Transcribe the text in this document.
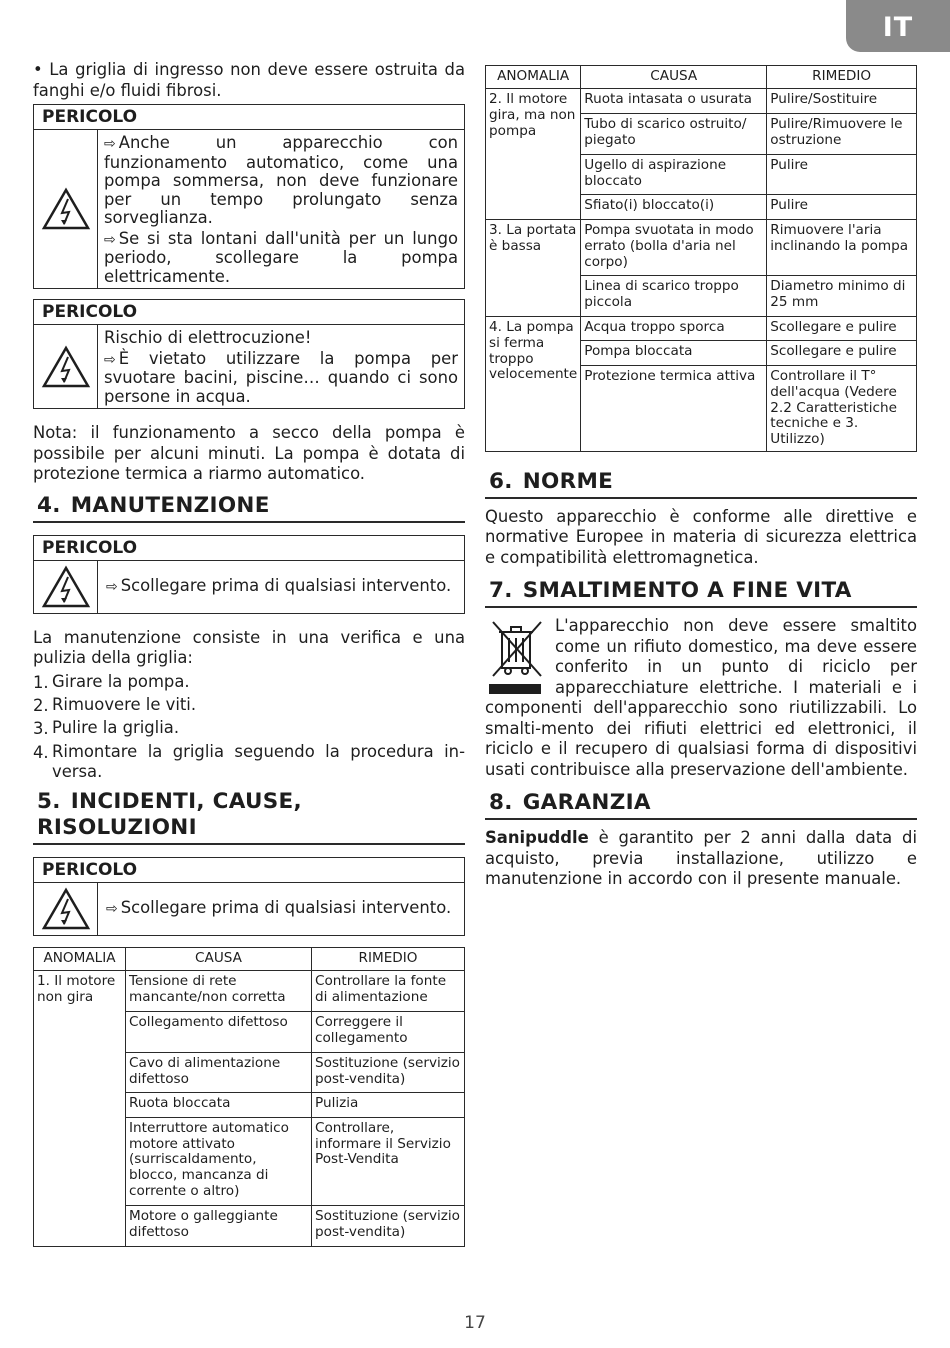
IT

• La griglia di ingresso non deve essere ostruita da fanghi e/o fluidi fibrosi.

PERICOLO
⇨ Anche un apparecchio con funzionamento automatico, come una pompa sommersa, non deve funzionare per un tempo prolungato senza sorveglianza.
⇨ Se si sta lontani dall'unità per un lungo periodo, scollegare la pompa elettricamente.
PERICOLO
Rischio di elettrocuzione!
⇨ È vietato utilizzare la pompa per svuotare bacini, piscine… quando ci sono persone in acqua.

Nota: il funzionamento a secco della pompa è possibile per alcuni minuti. La pompa è dotata di protezione termica a riarmo automatico.

4. MANUTENZIONE
PERICOLO
⇨ Scollegare prima di qualsiasi intervento.

La manutenzione consiste in una verifica e una pulizia della griglia:

1. Girare la pompa.
2. Rimuovere le viti.
3. Pulire la griglia.
4. Rimontare la griglia seguendo la procedura in-versa.
5. INCIDENTI, CAUSE, RISOLUZIONI
PERICOLO
⇨ Scollegare prima di qualsiasi intervento.
ANOMALIA	CAUSA	RIMEDIO
1. Il motore non gira	Tensione di rete mancante/non corretta	Controllare la fonte di alimentazione
	Collegamento difettoso	Correggere il collegamento
	Cavo di alimentazione difettoso	Sostituzione (servizio post-vendita)
	Ruota bloccata	Pulizia
	Interruttore automatico motore attivato (surriscaldamento, blocco, mancanza di corrente o altro)	Controllare, informare il Servizio Post-Vendita
	Motore o galleggiante difettoso	Sostituzione (servizio post-vendita)
ANOMALIA	CAUSA	RIMEDIO
2. Il motore gira, ma non pompa	Ruota intasata o usurata	Pulire/Sostituire
	Tubo di scarico ostruito/ piegato	Pulire/Rimuovere le ostruzione
	Ugello di aspirazione bloccato	Pulire
	Sfiato(i) bloccato(i)	Pulire
3. La portata è bassa	Pompa svuotata in modo errato (bolla d'aria nel corpo)	Rimuovere l'aria inclinando la pompa
	Linea di scarico troppo piccola	Diametro minimo di 25 mm
4. La pompa si ferma troppo velocemente	Acqua troppo sporca	Scollegare e pulire
	Pompa bloccata	Scollegare e pulire
	Protezione termica attiva	Controllare il T° dell'acqua (Vedere 2.2 Caratteristiche tecniche e 3. Utilizzo)
6. NORME

Questo apparecchio è conforme alle direttive e normative Europee in materia di sicurezza elettrica e compatibilità elettromagnetica.

7. SMALTIMENTO A FINE VITA

L'apparecchio non deve essere smaltito come un rifiuto domestico, ma deve essere conferito in un punto di riciclo per apparecchiature elettriche. I materiali e i componenti dell'apparecchio sono riutilizzabili. Lo smalti-mento dei rifiuti elettrici ed elettronici, il riciclo e il recupero di qualsiasi forma di dispositivi usati contribuisce alla preservazione dell'ambiente.

8. GARANZIA

Sanipuddle è garantito per 2 anni dalla data di acquisto, previa installazione, utilizzo e manutenzione in accordo con il presente manuale.

17
